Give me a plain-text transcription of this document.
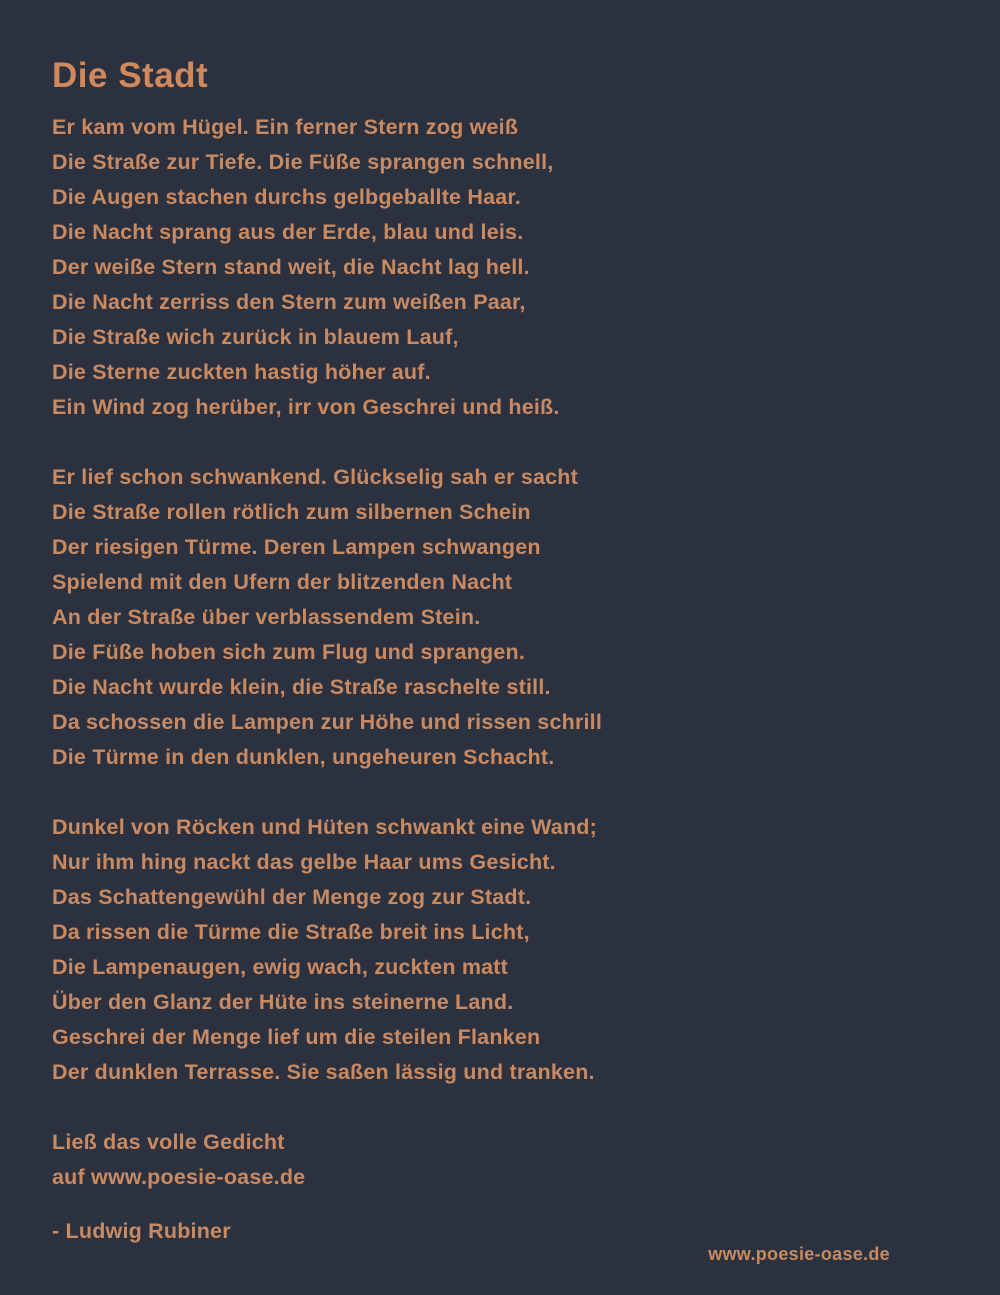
Die Stadt
Er kam vom Hügel. Ein ferner Stern zog weiß
Die Straße zur Tiefe. Die Füße sprangen schnell,
Die Augen stachen durchs gelbgeballte Haar.
Die Nacht sprang aus der Erde, blau und leis.
Der weiße Stern stand weit, die Nacht lag hell.
Die Nacht zerriss den Stern zum weißen Paar,
Die Straße wich zurück in blauem Lauf,
Die Sterne zuckten hastig höher auf.
Ein Wind zog herüber, irr von Geschrei und heiß.
Er lief schon schwankend. Glückselig sah er sacht
Die Straße rollen rötlich zum silbernen Schein
Der riesigen Türme. Deren Lampen schwangen
Spielend mit den Ufern der blitzenden Nacht
An der Straße über verblassendem Stein.
Die Füße hoben sich zum Flug und sprangen.
Die Nacht wurde klein, die Straße raschelte still.
Da schossen die Lampen zur Höhe und rissen schrill
Die Türme in den dunklen, ungeheuren Schacht.
Dunkel von Röcken und Hüten schwankt eine Wand;
Nur ihm hing nackt das gelbe Haar ums Gesicht.
Das Schattengewühl der Menge zog zur Stadt.
Da rissen die Türme die Straße breit ins Licht,
Die Lampenaugen, ewig wach, zuckten matt
Über den Glanz der Hüte ins steinerne Land.
Geschrei der Menge lief um die steilen Flanken
Der dunklen Terrasse. Sie saßen lässig und tranken.
Ließ das volle Gedicht
auf www.poesie-oase.de
- Ludwig Rubiner
www.poesie-oase.de
